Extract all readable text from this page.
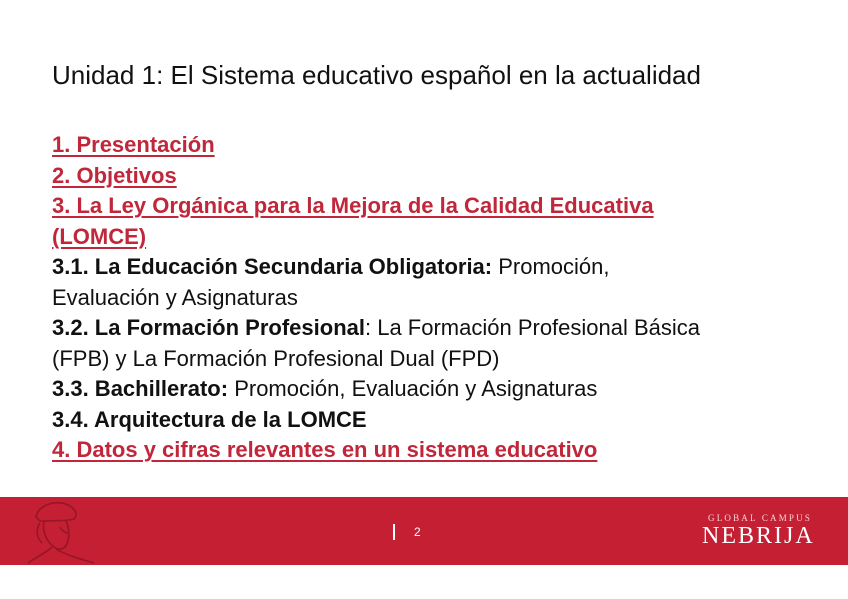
Unidad 1: El Sistema educativo español en la actualidad
1. Presentación
2. Objetivos
3. La Ley Orgánica para la Mejora de la Calidad Educativa
(LOMCE)
3.1. La Educación Secundaria Obligatoria: Promoción,
Evaluación y Asignaturas
3.2. La Formación Profesional: La Formación Profesional Básica
(FPB) y La Formación Profesional Dual (FPD)
3.3. Bachillerato: Promoción, Evaluación y Asignaturas
3.4. Arquitectura de la LOMCE
4. Datos y cifras relevantes en un sistema educativo
2
GLOBAL CAMPUS
NEBRIJA
